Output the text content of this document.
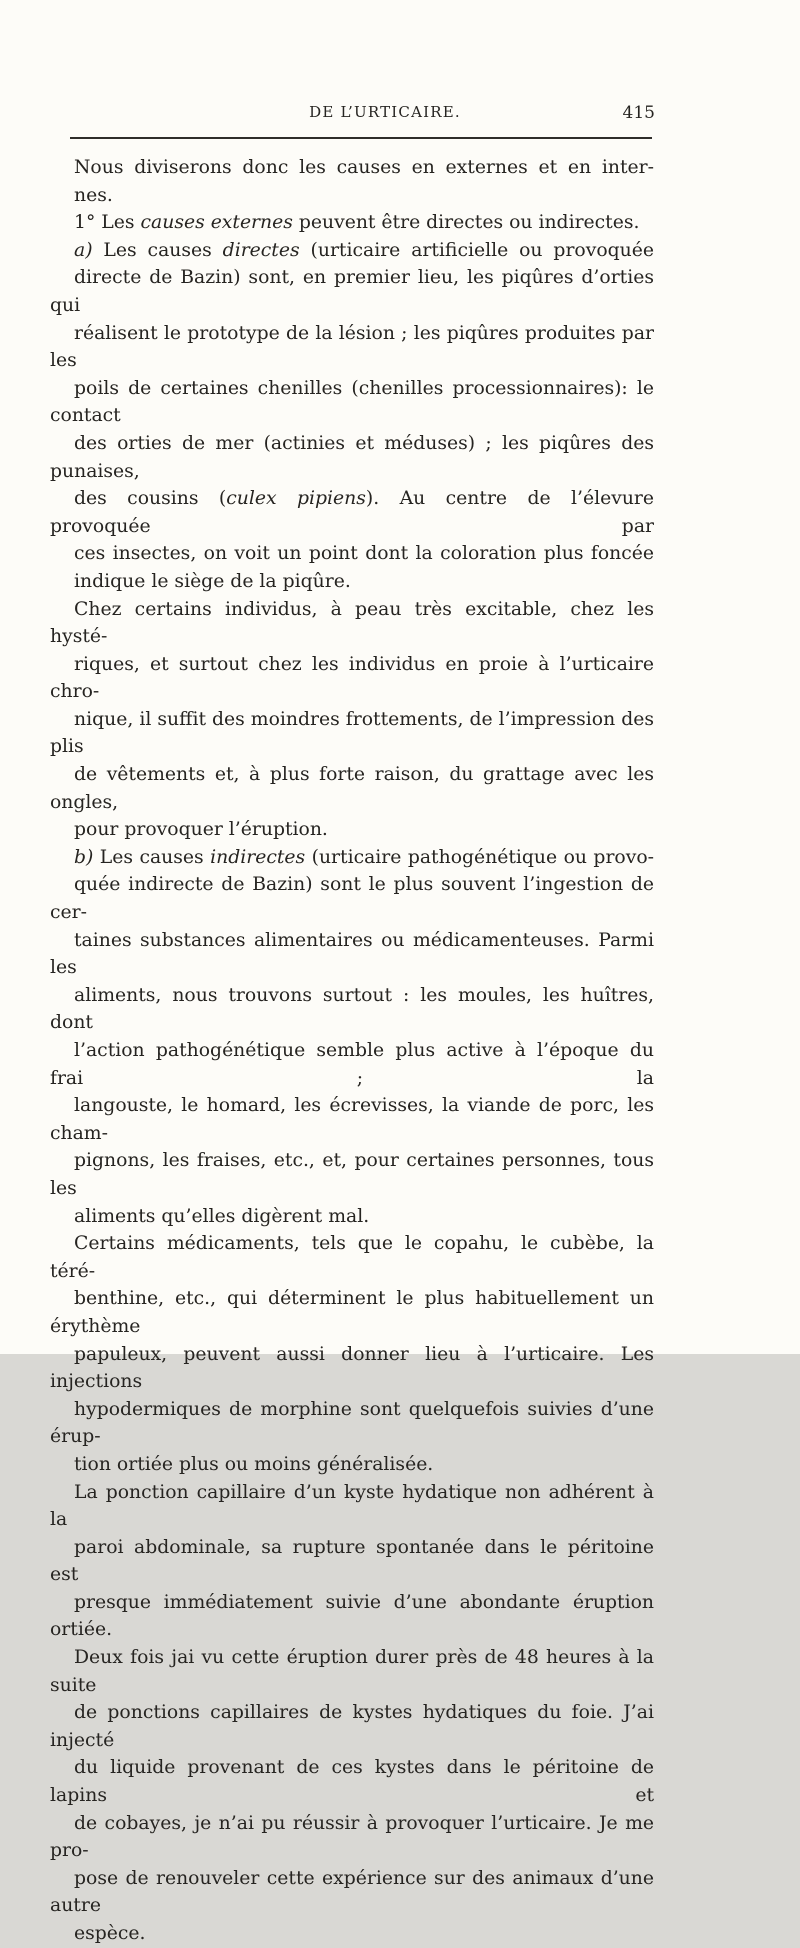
DE L’URTICAIRE.	415

Nous diviserons donc les causes en externes et en inter-
nes.

1° Les causes externes peuvent être directes ou indirectes.

a) Les causes directes (urticaire artificielle ou provoquée
directe de Bazin) sont, en premier lieu, les piqûres d’orties qui
réalisent le prototype de la lésion ; les piqûres produites par les
poils de certaines chenilles (chenilles processionnaires): le contact
des orties de mer (actinies et méduses) ; les piqûres des punaises,
des cousins (culex pipiens). Au centre de l’élevure provoquée par
ces insectes, on voit un point dont la coloration plus foncée
indique le siège de la piqûre.

Chez certains individus, à peau très excitable, chez les hysté-
riques, et surtout chez les individus en proie à l’urticaire chro-
nique, il suffit des moindres frottements, de l’impression des plis
de vêtements et, à plus forte raison, du grattage avec les ongles,
pour provoquer l’éruption.

b) Les causes indirectes (urticaire pathogénétique ou provo-
quée indirecte de Bazin) sont le plus souvent l’ingestion de cer-
taines substances alimentaires ou médicamenteuses. Parmi les
aliments, nous trouvons surtout : les moules, les huîtres, dont
l’action pathogénétique semble plus active à l’époque du frai ; la
langouste, le homard, les écrevisses, la viande de porc, les cham-
pignons, les fraises, etc., et, pour certaines personnes, tous les
aliments qu’elles digèrent mal.

Certains médicaments, tels que le copahu, le cubèbe, la téré-
benthine, etc., qui déterminent le plus habituellement un érythème
papuleux, peuvent aussi donner lieu à l’urticaire. Les injections
hypodermiques de morphine sont quelquefois suivies d’une érup-
tion ortiée plus ou moins généralisée.

La ponction capillaire d’un kyste hydatique non adhérent à la
paroi abdominale, sa rupture spontanée dans le péritoine est
presque immédiatement suivie d’une abondante éruption ortiée.
Deux fois jai vu cette éruption durer près de 48 heures à la suite
de ponctions capillaires de kystes hydatiques du foie. J’ai injecté
du liquide provenant de ces kystes dans le péritoine de lapins et
de cobayes, je n’ai pu réussir à provoquer l’urticaire. Je me pro-
pose de renouveler cette expérience sur des animaux d’une autre
espèce.
